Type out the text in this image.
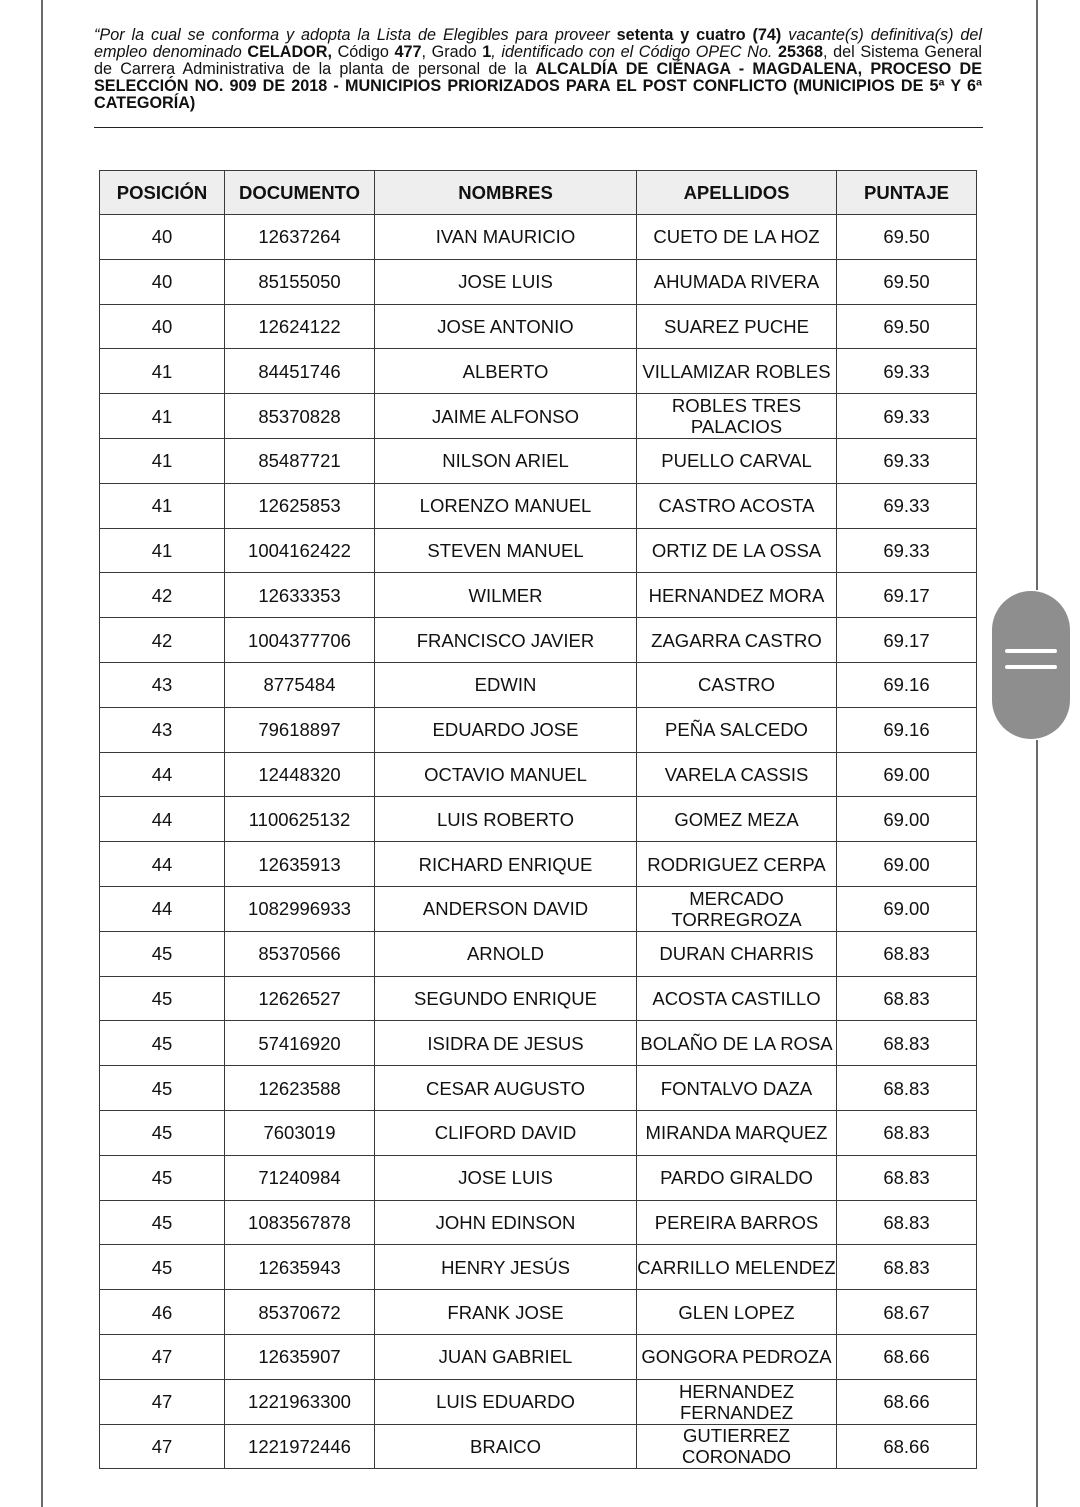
“Por la cual se conforma y adopta la Lista de Elegibles para proveer setenta y cuatro (74) vacante(s) definitiva(s) del empleo denominado CELADOR, Código 477, Grado 1, identificado con el Código OPEC No. 25368, del Sistema General de Carrera Administrativa de la planta de personal de la ALCALDÍA DE CIÉNAGA - MAGDALENA, PROCESO DE SELECCIÓN NO. 909 DE 2018 - MUNICIPIOS PRIORIZADOS PARA EL POST CONFLICTO (MUNICIPIOS DE 5ª Y 6ª CATEGORÍA)
POSICIÓN	DOCUMENTO	NOMBRES	APELLIDOS	PUNTAJE
40	12637264	IVAN MAURICIO	CUETO DE LA HOZ	69.50
40	85155050	JOSE LUIS	AHUMADA RIVERA	69.50
40	12624122	JOSE ANTONIO	SUAREZ PUCHE	69.50
41	84451746	ALBERTO	VILLAMIZAR ROBLES	69.33
41	85370828	JAIME ALFONSO	ROBLES TRES PALACIOS	69.33
41	85487721	NILSON ARIEL	PUELLO CARVAL	69.33
41	12625853	LORENZO MANUEL	CASTRO ACOSTA	69.33
41	1004162422	STEVEN MANUEL	ORTIZ DE LA OSSA	69.33
42	12633353	WILMER	HERNANDEZ MORA	69.17
42	1004377706	FRANCISCO JAVIER	ZAGARRA CASTRO	69.17
43	8775484	EDWIN	CASTRO	69.16
43	79618897	EDUARDO JOSE	PEÑA SALCEDO	69.16
44	12448320	OCTAVIO MANUEL	VARELA CASSIS	69.00
44	1100625132	LUIS ROBERTO	GOMEZ MEZA	69.00
44	12635913	RICHARD ENRIQUE	RODRIGUEZ CERPA	69.00
44	1082996933	ANDERSON DAVID	MERCADO TORREGROZA	69.00
45	85370566	ARNOLD	DURAN CHARRIS	68.83
45	12626527	SEGUNDO ENRIQUE	ACOSTA CASTILLO	68.83
45	57416920	ISIDRA DE JESUS	BOLAÑO DE LA ROSA	68.83
45	12623588	CESAR AUGUSTO	FONTALVO DAZA	68.83
45	7603019	CLIFORD DAVID	MIRANDA MARQUEZ	68.83
45	71240984	JOSE LUIS	PARDO GIRALDO	68.83
45	1083567878	JOHN EDINSON	PEREIRA BARROS	68.83
45	12635943	HENRY JESÚS	CARRILLO MELENDEZ	68.83
46	85370672	FRANK JOSE	GLEN LOPEZ	68.67
47	12635907	JUAN GABRIEL	GONGORA PEDROZA	68.66
47	1221963300	LUIS EDUARDO	HERNANDEZ FERNANDEZ	68.66
47	1221972446	BRAICO	GUTIERREZ CORONADO	68.66
